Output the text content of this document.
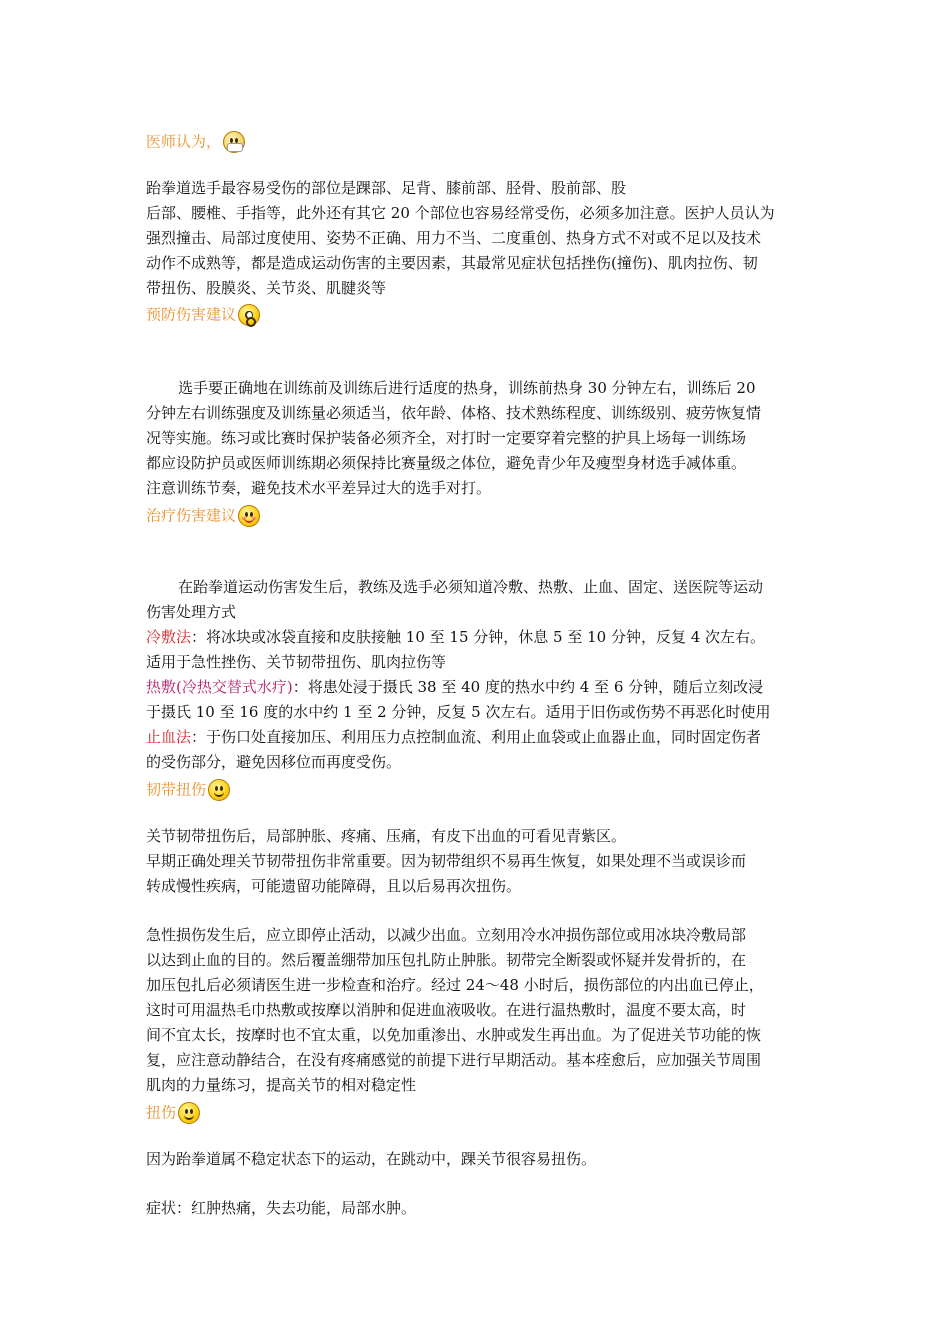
医师认为，
跆拳道选手最容易受伤的部位是踝部、足背、膝前部、胫骨、股前部、股
后部、腰椎、手指等，此外还有其它 20 个部位也容易经常受伤，必须多加注意。医护人员认为
强烈撞击、局部过度使用、姿势不正确、用力不当、二度重创、热身方式不对或不足以及技术
动作不成熟等，都是造成运动伤害的主要因素，其最常见症状包括挫伤(撞伤)、肌肉拉伤、韧
带扭伤、股膜炎、关节炎、肌腱炎等
预防伤害建议
选手要正确地在训练前及训练后进行适度的热身，训练前热身 30 分钟左右，训练后 20
分钟左右训练强度及训练量必须适当，依年龄、体格、技术熟练程度、训练级别、疲劳恢复情
况等实施。练习或比赛时保护装备必须齐全，对打时一定要穿着完整的护具上场每一训练场
都应设防护员或医师训练期必须保持比赛量级之体位，避免青少年及瘦型身材选手减体重。
注意训练节奏，避免技术水平差异过大的选手对打。
治疗伤害建议
在跆拳道运动伤害发生后，教练及选手必须知道冷敷、热敷、止血、固定、送医院等运动
伤害处理方式
冷敷法：将冰块或冰袋直接和皮肤接触 10 至 15 分钟，休息 5 至 10 分钟，反复 4 次左右。
适用于急性挫伤、关节韧带扭伤、肌肉拉伤等
热敷(冷热交替式水疗)：将患处浸于摄氏 38 至 40 度的热水中约 4 至 6 分钟，随后立刻改浸
于摄氏 10 至 16 度的水中约 1 至 2 分钟，反复 5 次左右。适用于旧伤或伤势不再恶化时使用
止血法：于伤口处直接加压、利用压力点控制血流、利用止血袋或止血器止血，同时固定伤者
的受伤部分，避免因移位而再度受伤。
韧带扭伤
关节韧带扭伤后，局部肿胀、疼痛、压痛，有皮下出血的可看见青紫区。
早期正确处理关节韧带扭伤非常重要。因为韧带组织不易再生恢复，如果处理不当或误诊而
转成慢性疾病，可能遗留功能障碍，且以后易再次扭伤。
急性损伤发生后，应立即停止活动，以减少出血。立刻用冷水冲损伤部位或用冰块冷敷局部
以达到止血的目的。然后覆盖绷带加压包扎防止肿胀。韧带完全断裂或怀疑并发骨折的，在
加压包扎后必须请医生进一步检查和治疗。经过 24～48 小时后，损伤部位的内出血已停止，
这时可用温热毛巾热敷或按摩以消肿和促进血液吸收。在进行温热敷时，温度不要太高，时
间不宜太长，按摩时也不宜太重，以免加重渗出、水肿或发生再出血。为了促进关节功能的恢
复，应注意动静结合，在没有疼痛感觉的前提下进行早期活动。基本痊愈后，应加强关节周围
肌肉的力量练习，提高关节的相对稳定性
扭伤
因为跆拳道属不稳定状态下的运动，在跳动中，踝关节很容易扭伤。
症状：红肿热痛，失去功能，局部水肿。
